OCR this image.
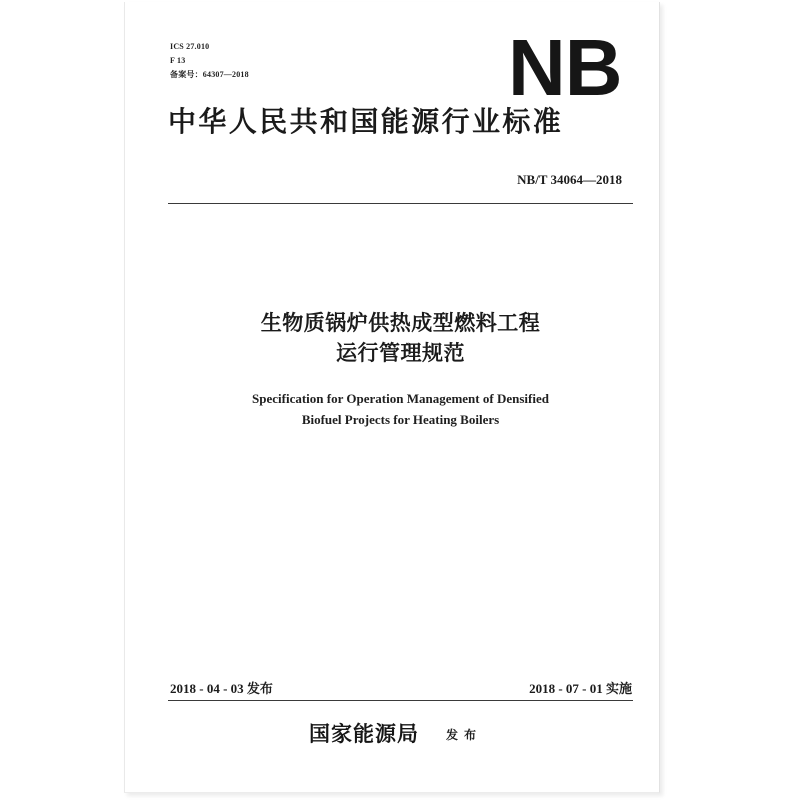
ICS 27.010
F 13
备案号：64307—2018	NB
中华人民共和国能源行业标准
NB/T 34064—2018
生物质锅炉供热成型燃料工程
运行管理规范
Specification for Operation Management of Densified
Biofuel Projects for Heating Boilers
2018 - 04 - 03 发布	2018 - 07 - 01 实施
国家能源局 发布
